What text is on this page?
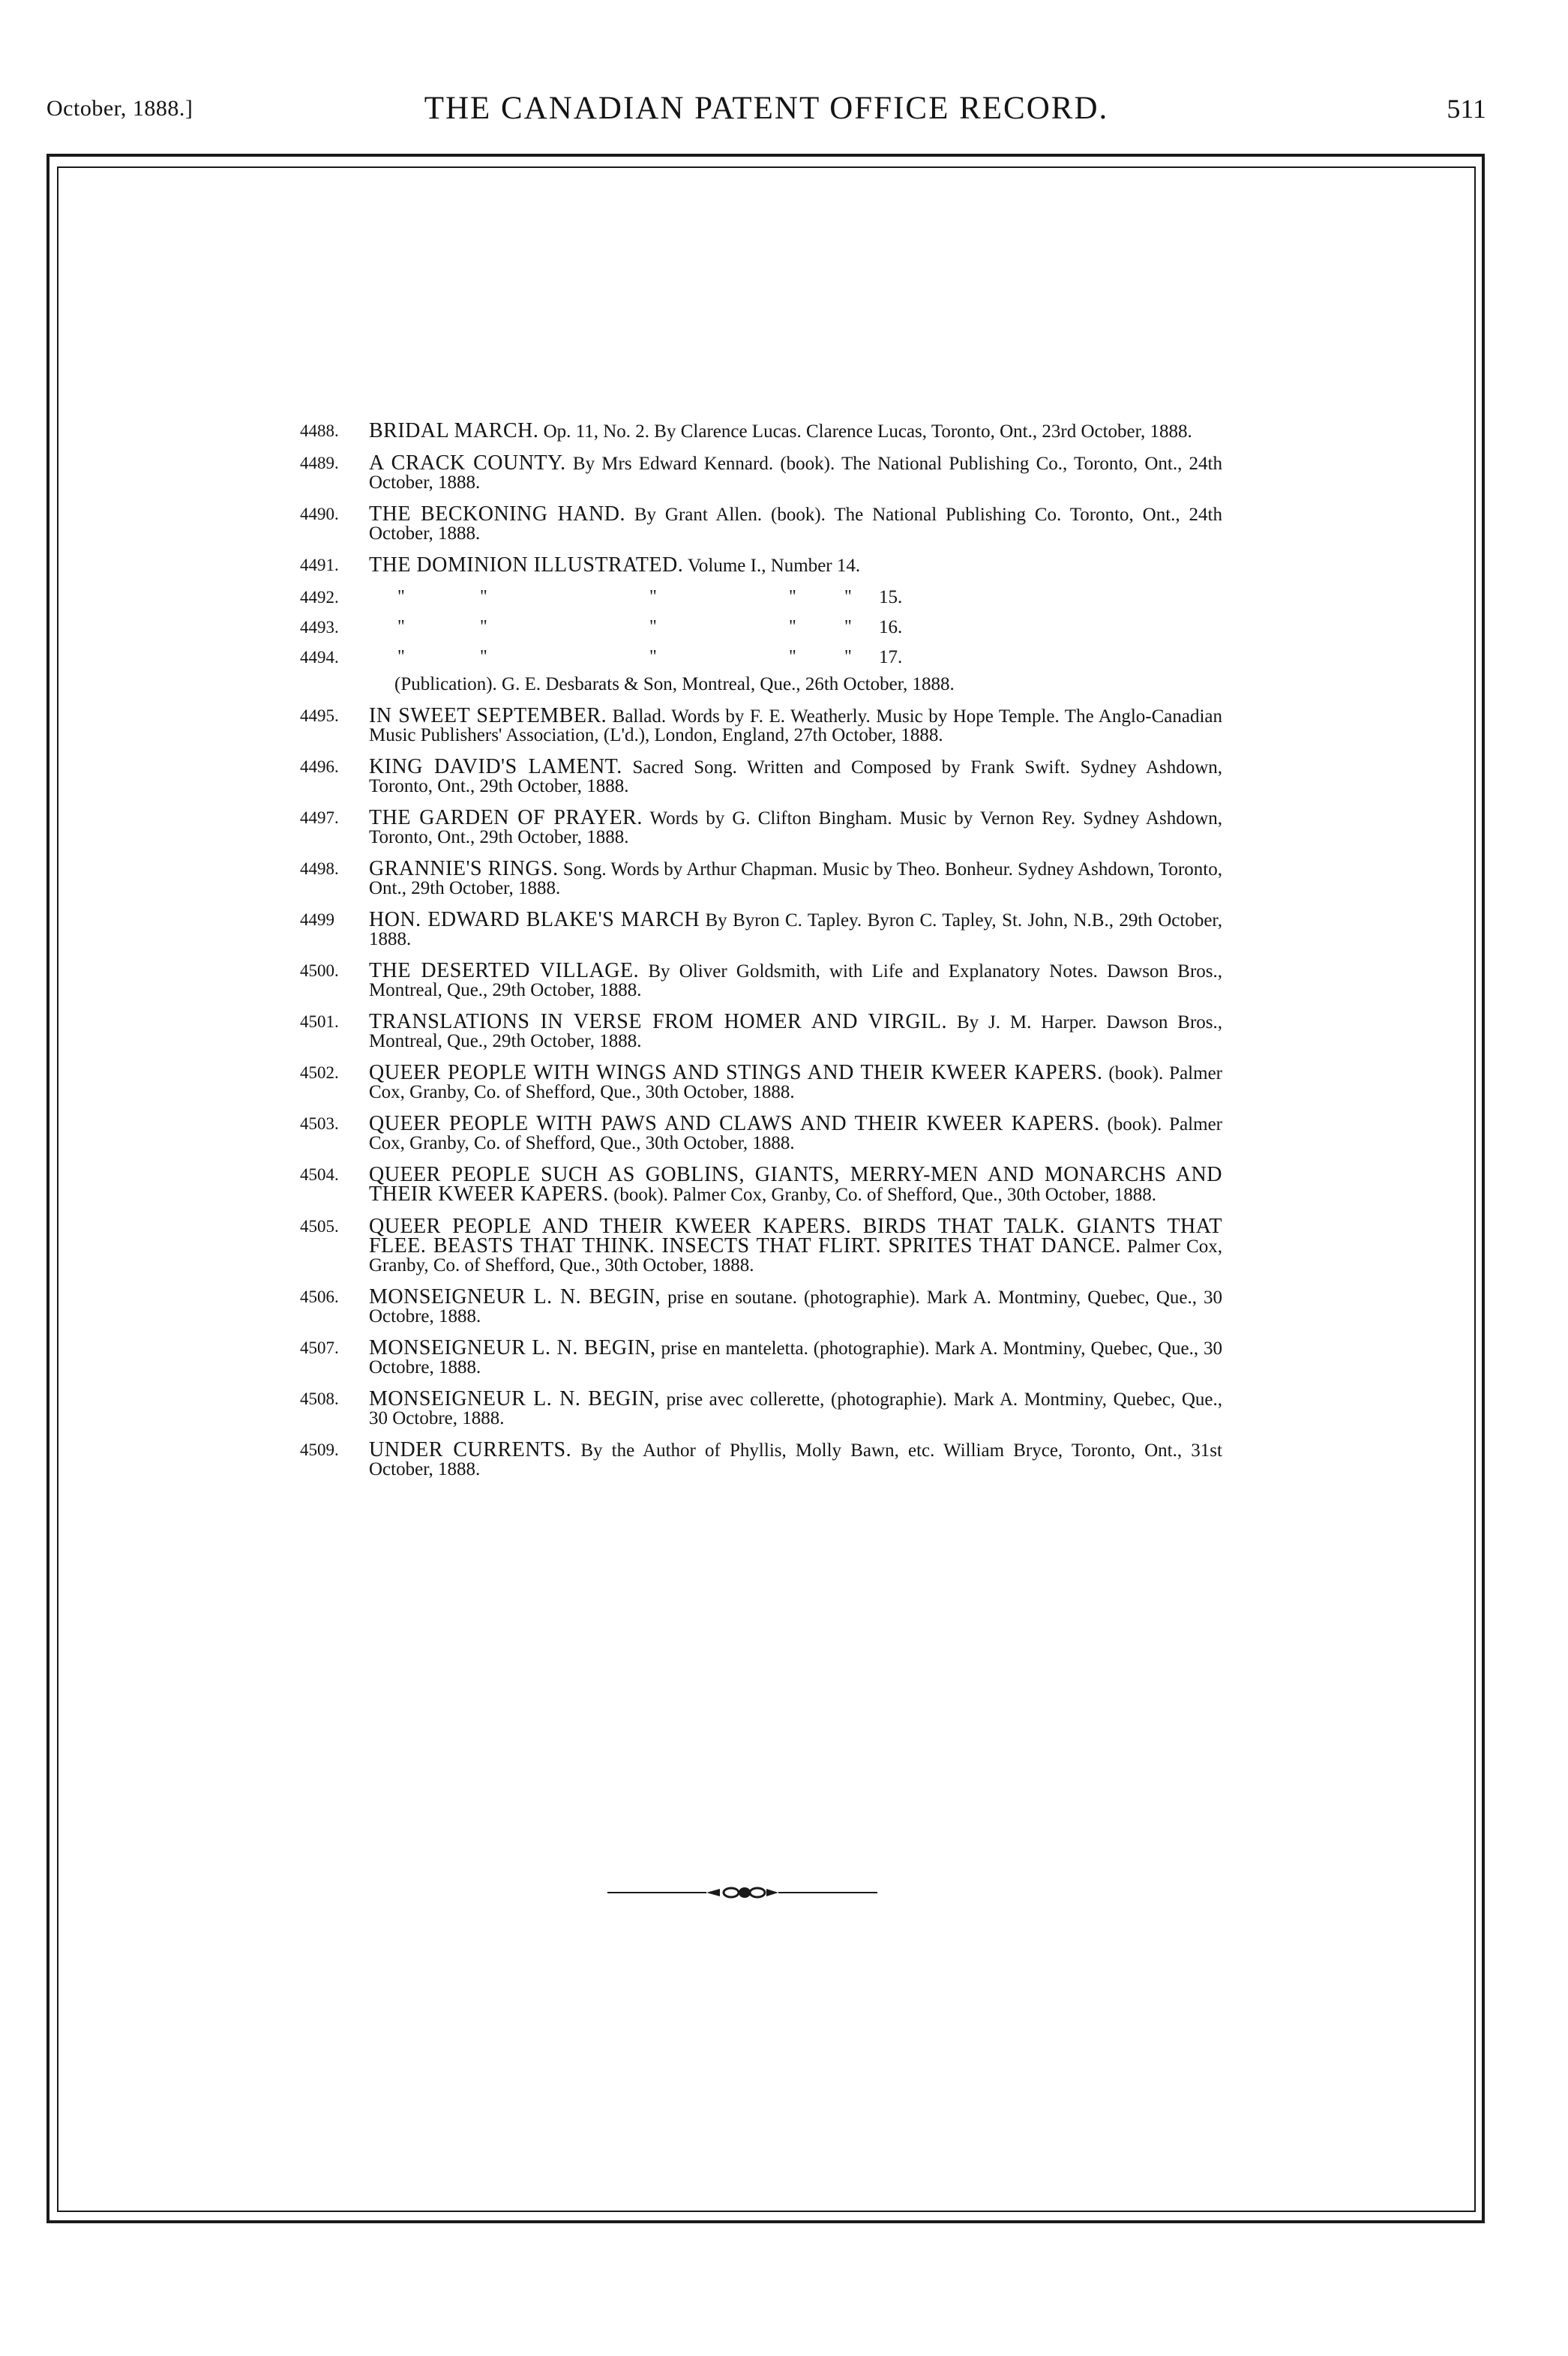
October, 1888.]	THE CANADIAN PATENT OFFICE RECORD.	511
4488.	BRIDAL MARCH. Op. 11, No. 2. By Clarence Lucas. Clarence Lucas, Toronto, Ont., 23rd October, 1888.
4489.	A CRACK COUNTY. By Mrs Edward Kennard. (book). The National Publishing Co., Toronto, Ont., 24th October, 1888.
4490.	THE BECKONING HAND. By Grant Allen. (book). The National Publishing Co. Toronto, Ont., 24th October, 1888.
4491.	THE DOMINION ILLUSTRATED. Volume I., Number 14.
4492.	"	"	"	"	" 15.
4493.	"	"	"	"	" 16.
4494.	"	"	"	"	" 17.
(Publication). G. E. Desbarats & Son, Montreal, Que., 26th October, 1888.
4495.	IN SWEET SEPTEMBER. Ballad. Words by F. E. Weatherly. Music by Hope Temple. The Anglo-Canadian Music Publishers' Association, (L'd.), London, England, 27th October, 1888.
4496.	KING DAVID'S LAMENT. Sacred Song. Written and Composed by Frank Swift. Sydney Ashdown, Toronto, Ont., 29th October, 1888.
4497.	THE GARDEN OF PRAYER. Words by G. Clifton Bingham. Music by Vernon Rey. Sydney Ashdown, Toronto, Ont., 29th October, 1888.
4498.	GRANNIE'S RINGS. Song. Words by Arthur Chapman. Music by Theo. Bonheur. Sydney Ashdown, Toronto, Ont., 29th October, 1888.
4499	HON. EDWARD BLAKE'S MARCH By Byron C. Tapley. Byron C. Tapley, St. John, N.B., 29th October, 1888.
4500.	THE DESERTED VILLAGE. By Oliver Goldsmith, with Life and Explanatory Notes. Dawson Bros., Montreal, Que., 29th October, 1888.
4501.	TRANSLATIONS IN VERSE FROM HOMER AND VIRGIL. By J. M. Harper. Dawson Bros., Montreal, Que., 29th October, 1888.
4502.	QUEER PEOPLE WITH WINGS AND STINGS AND THEIR KWEER KAPERS. (book). Palmer Cox, Granby, Co. of Shefford, Que., 30th October, 1888.
4503.	QUEER PEOPLE WITH PAWS AND CLAWS AND THEIR KWEER KAPERS. (book). Palmer Cox, Granby, Co. of Shefford, Que., 30th October, 1888.
4504.	QUEER PEOPLE SUCH AS GOBLINS, GIANTS, MERRY-MEN AND MONARCHS AND THEIR KWEER KAPERS. (book). Palmer Cox, Granby, Co. of Shefford, Que., 30th October, 1888.
4505.	QUEER PEOPLE AND THEIR KWEER KAPERS. BIRDS THAT TALK. GIANTS THAT FLEE. BEASTS THAT THINK. INSECTS THAT FLIRT. SPRITES THAT DANCE. Palmer Cox, Granby, Co. of Shefford, Que., 30th October, 1888.
4506.	MONSEIGNEUR L. N. BEGIN, prise en soutane. (photographie). Mark A. Montminy, Quebec, Que., 30 Octobre, 1888.
4507.	MONSEIGNEUR L. N. BEGIN, prise en manteletta. (photographie). Mark A. Montminy, Quebec, Que., 30 Octobre, 1888.
4508.	MONSEIGNEUR L. N. BEGIN, prise avec collerette, (photographie). Mark A. Montminy, Quebec, Que., 30 Octobre, 1888.
4509.	UNDER CURRENTS. By the Author of Phyllis, Molly Bawn, etc. William Bryce, Toronto, Ont., 31st October, 1888.
